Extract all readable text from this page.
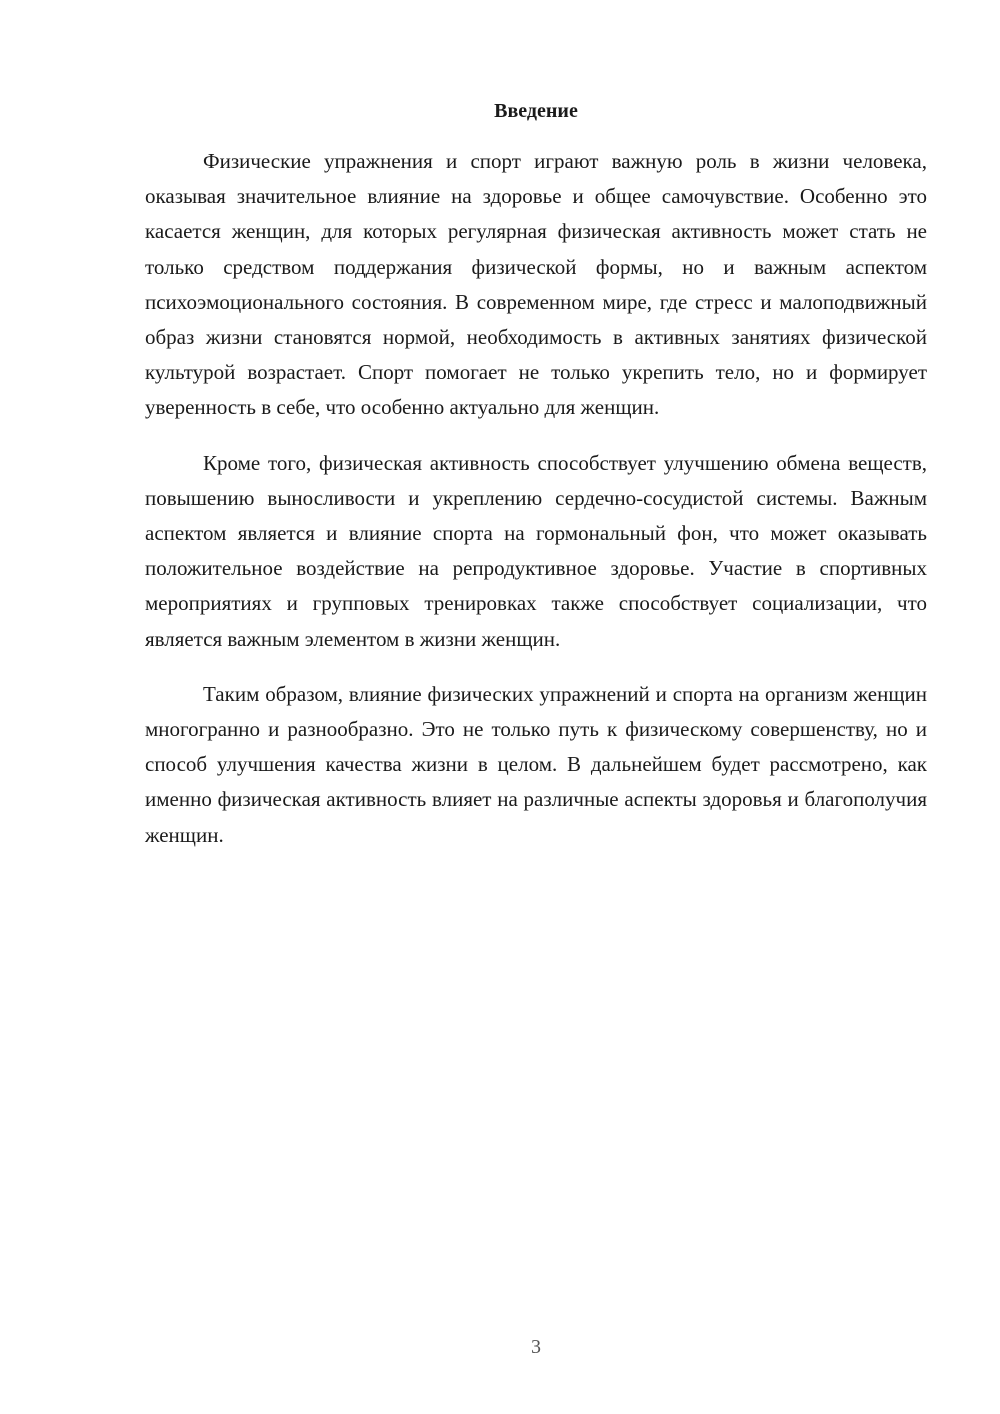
Введение

Физические упражнения и спорт играют важную роль в жизни человека, оказывая значительное влияние на здоровье и общее самочувствие. Особенно это касается женщин, для которых регулярная физическая активность может стать не только средством поддержания физической формы, но и важным аспектом психоэмоционального состояния. В современном мире, где стресс и малоподвижный образ жизни становятся нормой, необходимость в активных занятиях физической культурой возрастает. Спорт помогает не только укрепить тело, но и формирует уверенность в себе, что особенно актуально для женщин.

Кроме того, физическая активность способствует улучшению обмена веществ, повышению выносливости и укреплению сердечно-сосудистой системы. Важным аспектом является и влияние спорта на гормональный фон, что может оказывать положительное воздействие на репродуктивное здоровье. Участие в спортивных мероприятиях и групповых тренировках также способствует социализации, что является важным элементом в жизни женщин.

Таким образом, влияние физических упражнений и спорта на организм женщин многогранно и разнообразно. Это не только путь к физическому совершенству, но и способ улучшения качества жизни в целом. В дальнейшем будет рассмотрено, как именно физическая активность влияет на различные аспекты здоровья и благополучия женщин.

3
